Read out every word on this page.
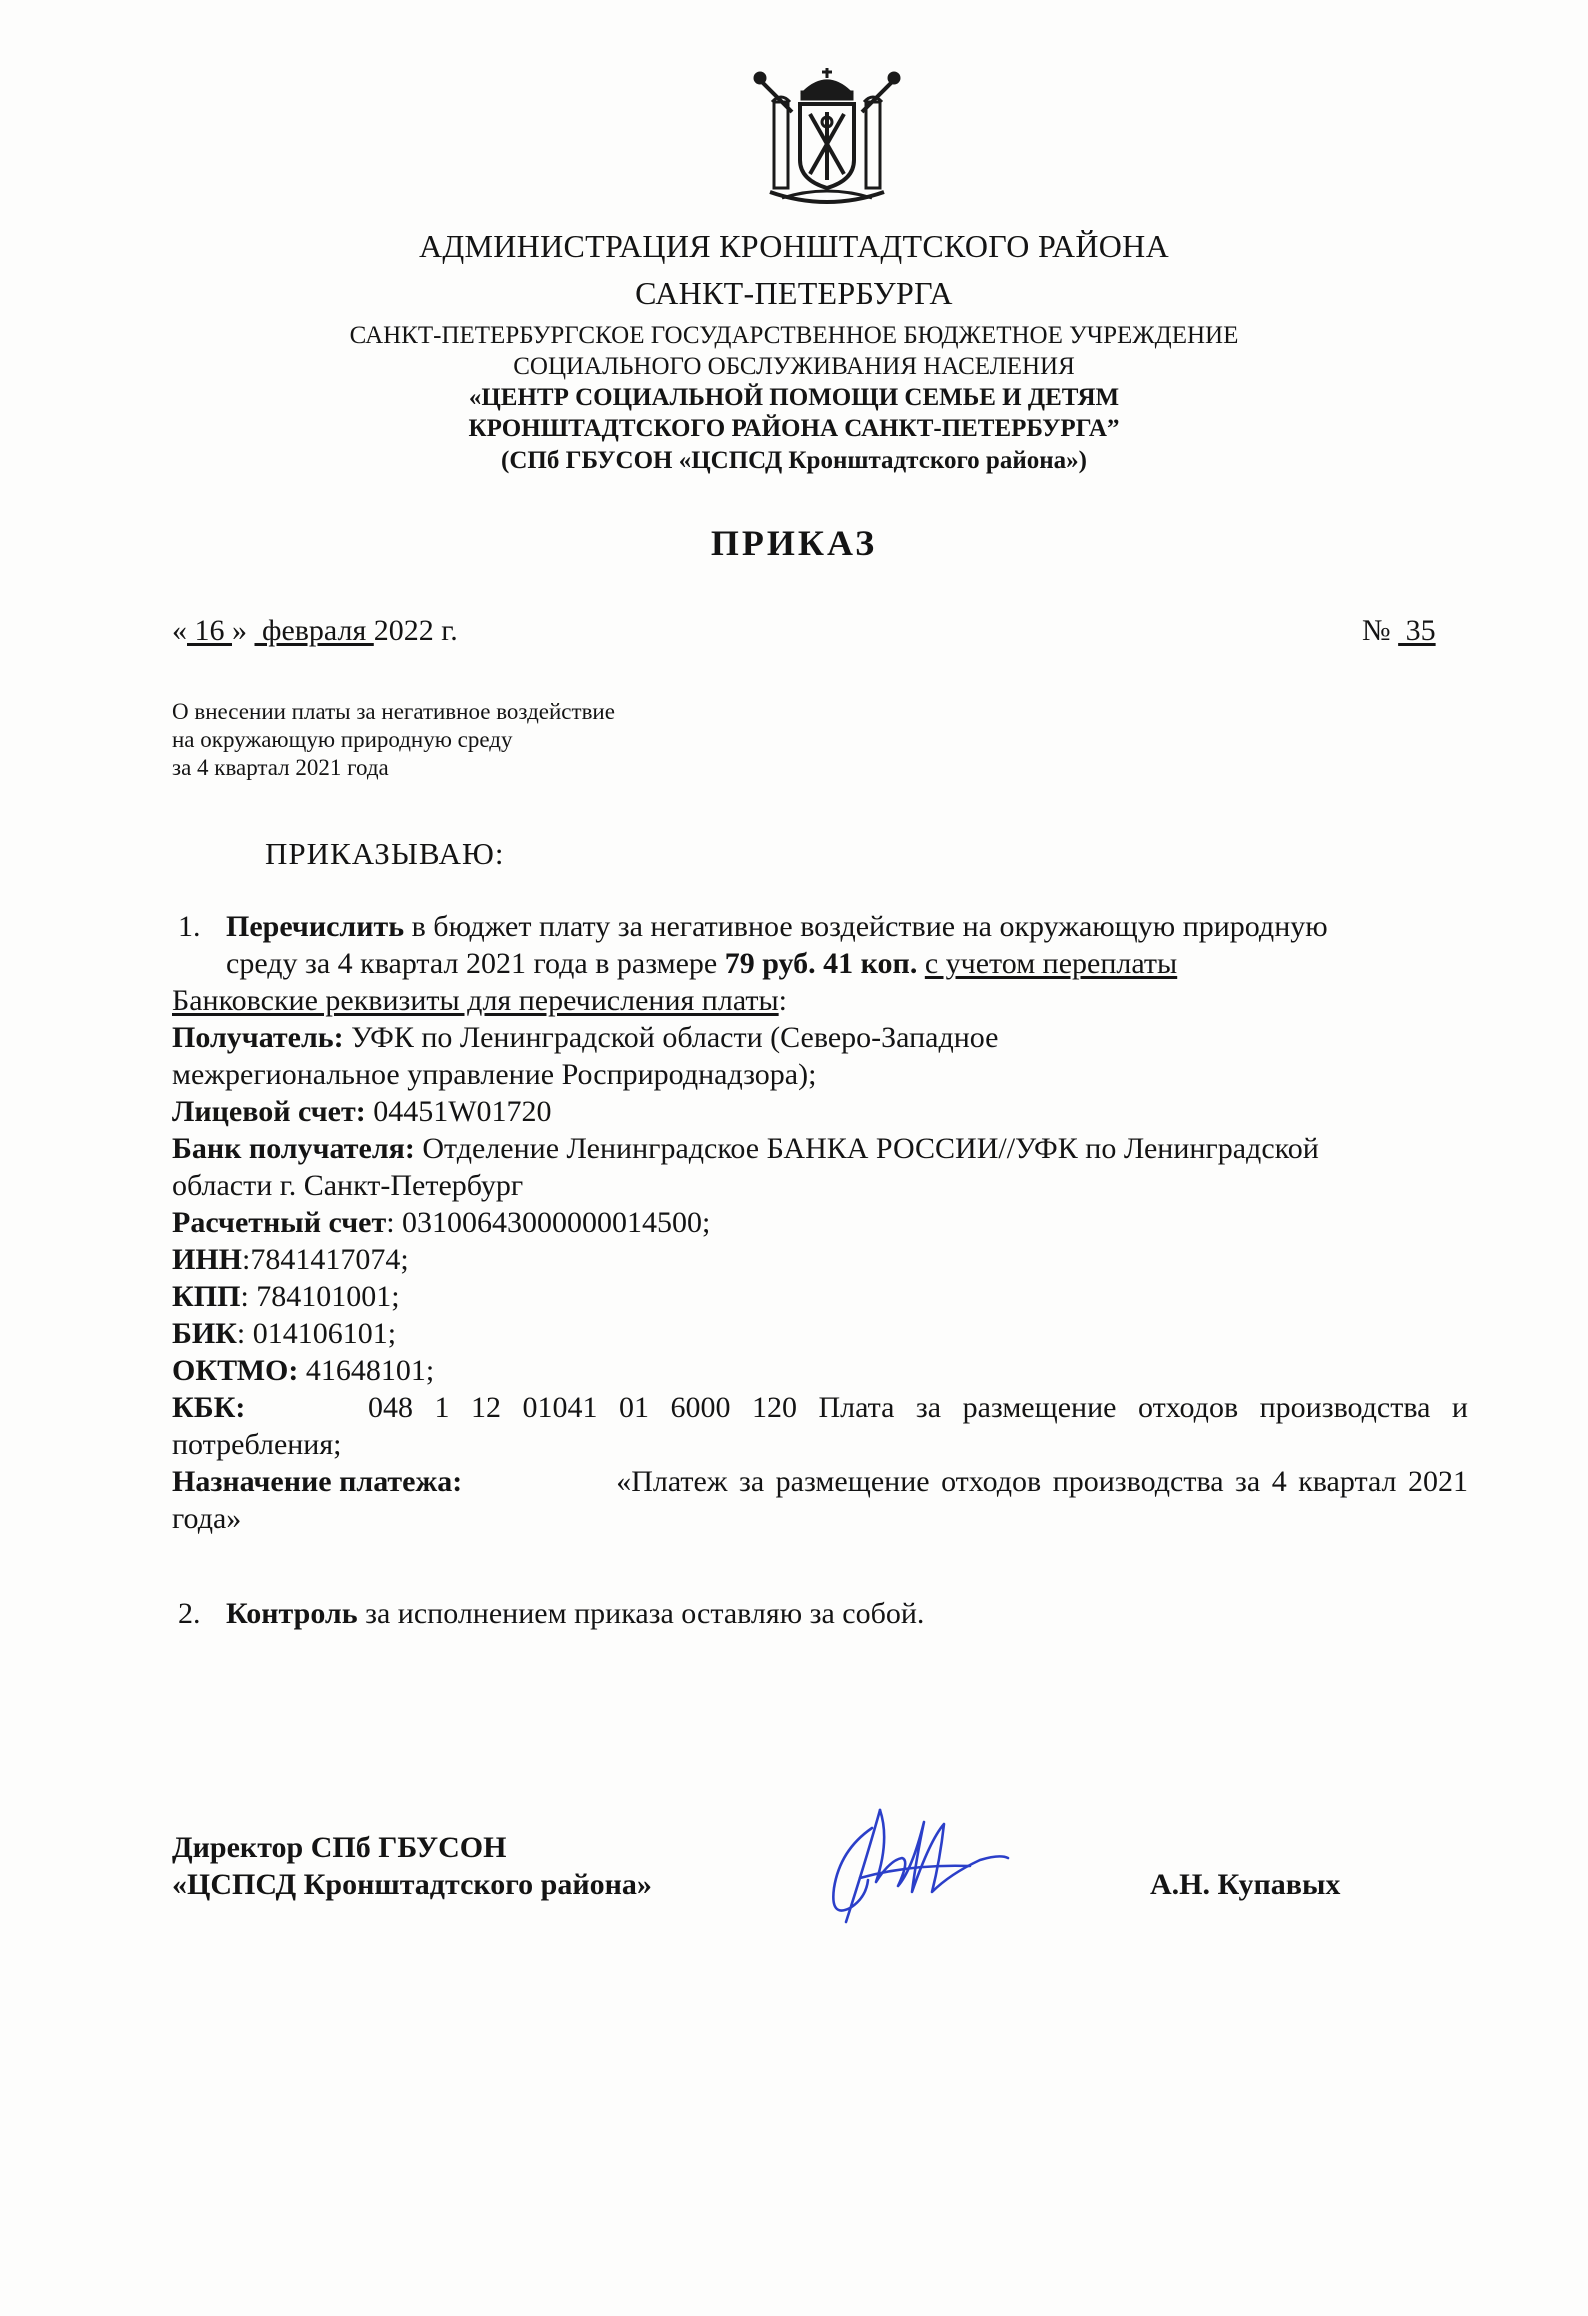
АДМИНИСТРАЦИЯ КРОНШТАДТСКОГО РАЙОНА
САНКТ-ПЕТЕРБУРГА
САНКТ-ПЕТЕРБУРГСКОЕ ГОСУДАРСТВЕННОЕ БЮДЖЕТНОЕ УЧРЕЖДЕНИЕ
СОЦИАЛЬНОГО ОБСЛУЖИВАНИЯ НАСЕЛЕНИЯ
«ЦЕНТР СОЦИАЛЬНОЙ ПОМОЩИ СЕМЬЕ И ДЕТЯМ
КРОНШТАДТСКОГО РАЙОНА САНКТ-ПЕТЕРБУРГА”
(СПб ГБУСОН «ЦСПСД Кронштадтского района»)
ПРИКАЗ
« 16 »  февраля 2022 г.	№  35
О внесении платы за негативное воздействие
на окружающую природную среду
за 4 квартал 2021 года
ПРИКАЗЫВАЮ:
1. Перечислить в бюджет плату за негативное воздействие на окружающую природную
среду за 4 квартал 2021 года в размере 79 руб. 41 коп. с учетом переплаты
Банковские реквизиты для перечисления платы:
Получатель: УФК по Ленинградской области (Северо-Западное
межрегиональное управление Росприроднадзора);
Лицевой счет: 04451W01720
Банк получателя: Отделение Ленинградское БАНКА РОССИИ//УФК по Ленинградской
области г. Санкт-Петербург
Расчетный счет: 03100643000000014500;
ИНН:7841417074;
КПП: 784101001;
БИК: 014106101;
ОКТМО: 41648101;
КБК:	048 1 12 01041 01 6000 120 Плата за размещение отходов производства и
потребления;
Назначение платежа:	«Платеж за размещение отходов производства за 4 квартал 2021
года»
2. Контроль за исполнением приказа оставляю за собой.
Директор СПб ГБУСОН
«ЦСПСД Кронштадтского района»	А.Н. Купавых
